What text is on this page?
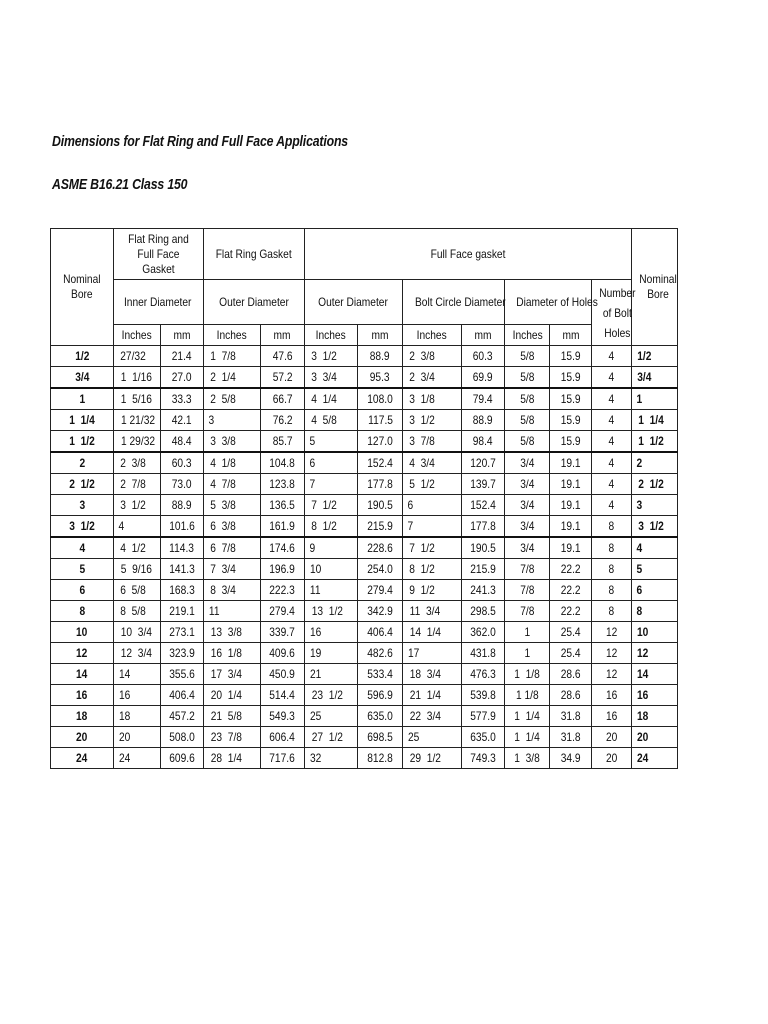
Dimensions for Flat Ring and Full Face Applications
ASME B16.21 Class 150
Nominal Bore	Flat Ring and Full Face Gasket		Flat Ring Gasket		Full Face gasket							Nominal Bore
	Inner Diameter		Outer Diameter		Outer Diameter		Bolt Circle Diameter		Diameter of Holes		Number of Bolt Holes	
	Inches	mm	Inches	mm	Inches	mm	Inches	mm	Inches	mm		
1/2	27/32	21.4	1  7/8	47.6	3  1/2	88.9	2  3/8	60.3	5/8	15.9	4	1/2
3/4	1  1/16	27.0	2  1/4	57.2	3  3/4	95.3	2  3/4	69.9	5/8	15.9	4	3/4
1	1  5/16	33.3	2  5/8	66.7	4  1/4	108.0	3  1/8	79.4	5/8	15.9	4	1
1  1/4	1 21/32	42.1	3	76.2	4  5/8	117.5	3  1/2	88.9	5/8	15.9	4	1  1/4
1  1/2	1 29/32	48.4	3  3/8	85.7	5	127.0	3  7/8	98.4	5/8	15.9	4	1  1/2
2	2  3/8	60.3	4  1/8	104.8	6	152.4	4  3/4	120.7	3/4	19.1	4	2
2  1/2	2  7/8	73.0	4  7/8	123.8	7	177.8	5  1/2	139.7	3/4	19.1	4	2  1/2
3	3  1/2	88.9	5  3/8	136.5	7  1/2	190.5	6	152.4	3/4	19.1	4	3
3  1/2	4	101.6	6  3/8	161.9	8  1/2	215.9	7	177.8	3/4	19.1	8	3  1/2
4	4  1/2	114.3	6  7/8	174.6	9	228.6	7  1/2	190.5	3/4	19.1	8	4
5	5  9/16	141.3	7  3/4	196.9	10	254.0	8  1/2	215.9	7/8	22.2	8	5
6	6  5/8	168.3	8  3/4	222.3	11	279.4	9  1/2	241.3	7/8	22.2	8	6
8	8  5/8	219.1	11	279.4	13  1/2	342.9	11  3/4	298.5	7/8	22.2	8	8
10	10  3/4	273.1	13  3/8	339.7	16	406.4	14  1/4	362.0	1	25.4	12	10
12	12  3/4	323.9	16  1/8	409.6	19	482.6	17	431.8	1	25.4	12	12
14	14	355.6	17  3/4	450.9	21	533.4	18  3/4	476.3	1  1/8	28.6	12	14
16	16	406.4	20  1/4	514.4	23  1/2	596.9	21  1/4	539.8	1 1/8	28.6	16	16
18	18	457.2	21  5/8	549.3	25	635.0	22  3/4	577.9	1  1/4	31.8	16	18
20	20	508.0	23  7/8	606.4	27  1/2	698.5	25	635.0	1  1/4	31.8	20	20
24	24	609.6	28  1/4	717.6	32	812.8	29  1/2	749.3	1  3/8	34.9	20	24
